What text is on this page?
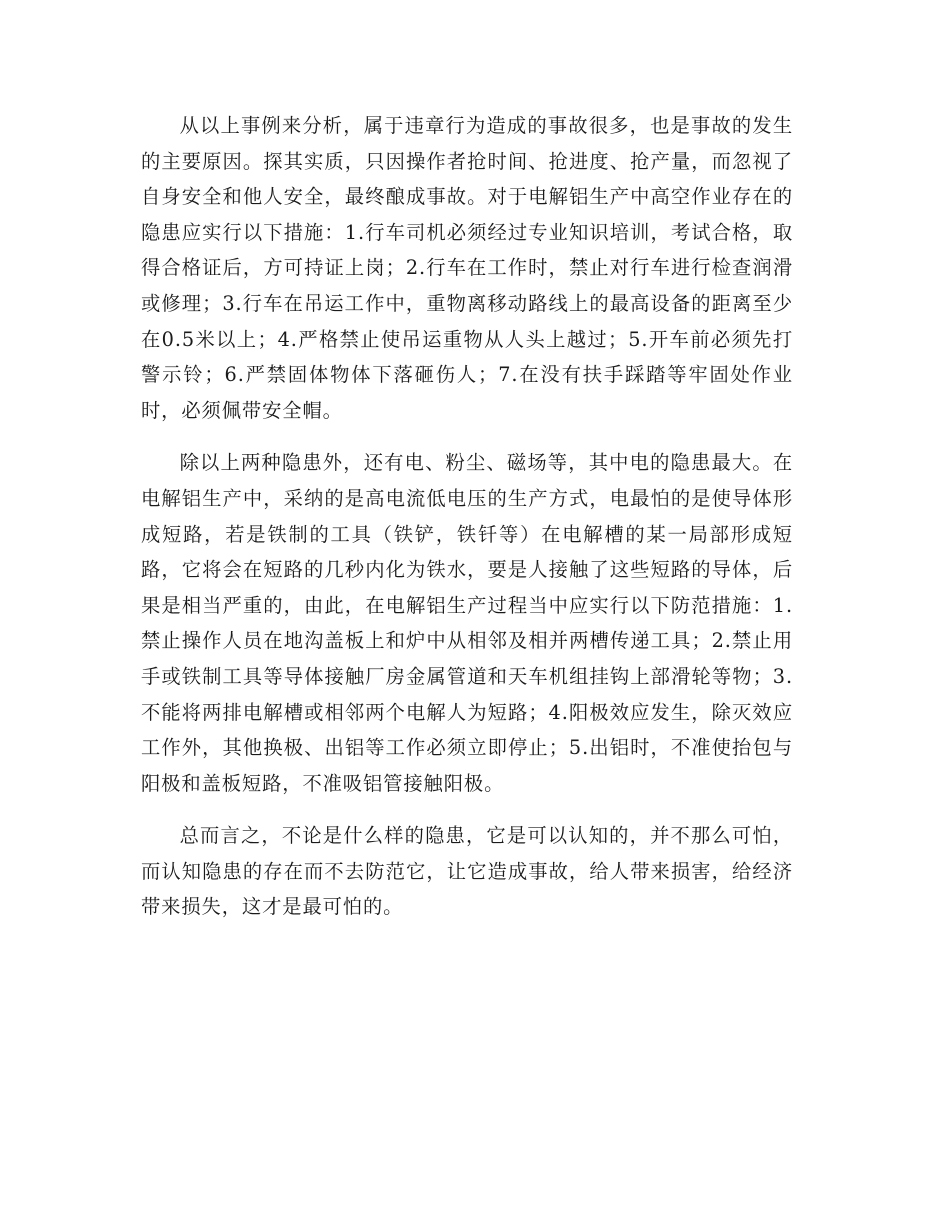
从以上事例来分析，属于违章行为造成的事故很多，也是事故的发生的主要原因。探其实质，只因操作者抢时间、抢进度、抢产量，而忽视了自身安全和他人安全，最终酿成事故。对于电解铝生产中高空作业存在的隐患应实行以下措施：1.行车司机必须经过专业知识培训，考试合格，取得合格证后，方可持证上岗；2.行车在工作时，禁止对行车进行检查润滑或修理；3.行车在吊运工作中，重物离移动路线上的最高设备的距离至少在0.5米以上；4.严格禁止使吊运重物从人头上越过；5.开车前必须先打警示铃；6.严禁固体物体下落砸伤人；7.在没有扶手踩踏等牢固处作业时，必须佩带安全帽。

除以上两种隐患外，还有电、粉尘、磁场等，其中电的隐患最大。在电解铝生产中，采纳的是高电流低电压的生产方式，电最怕的是使导体形成短路，若是铁制的工具（铁铲，铁钎等）在电解槽的某一局部形成短路，它将会在短路的几秒内化为铁水，要是人接触了这些短路的导体，后果是相当严重的，由此，在电解铝生产过程当中应实行以下防范措施：1.禁止操作人员在地沟盖板上和炉中从相邻及相并两槽传递工具；2.禁止用手或铁制工具等导体接触厂房金属管道和天车机组挂钩上部滑轮等物；3.不能将两排电解槽或相邻两个电解人为短路；4.阳极效应发生，除灭效应工作外，其他换极、出铝等工作必须立即停止；5.出铝时，不准使抬包与阳极和盖板短路，不准吸铝管接触阳极。

总而言之，不论是什么样的隐患，它是可以认知的，并不那么可怕，而认知隐患的存在而不去防范它，让它造成事故，给人带来损害，给经济带来损失，这才是最可怕的。
